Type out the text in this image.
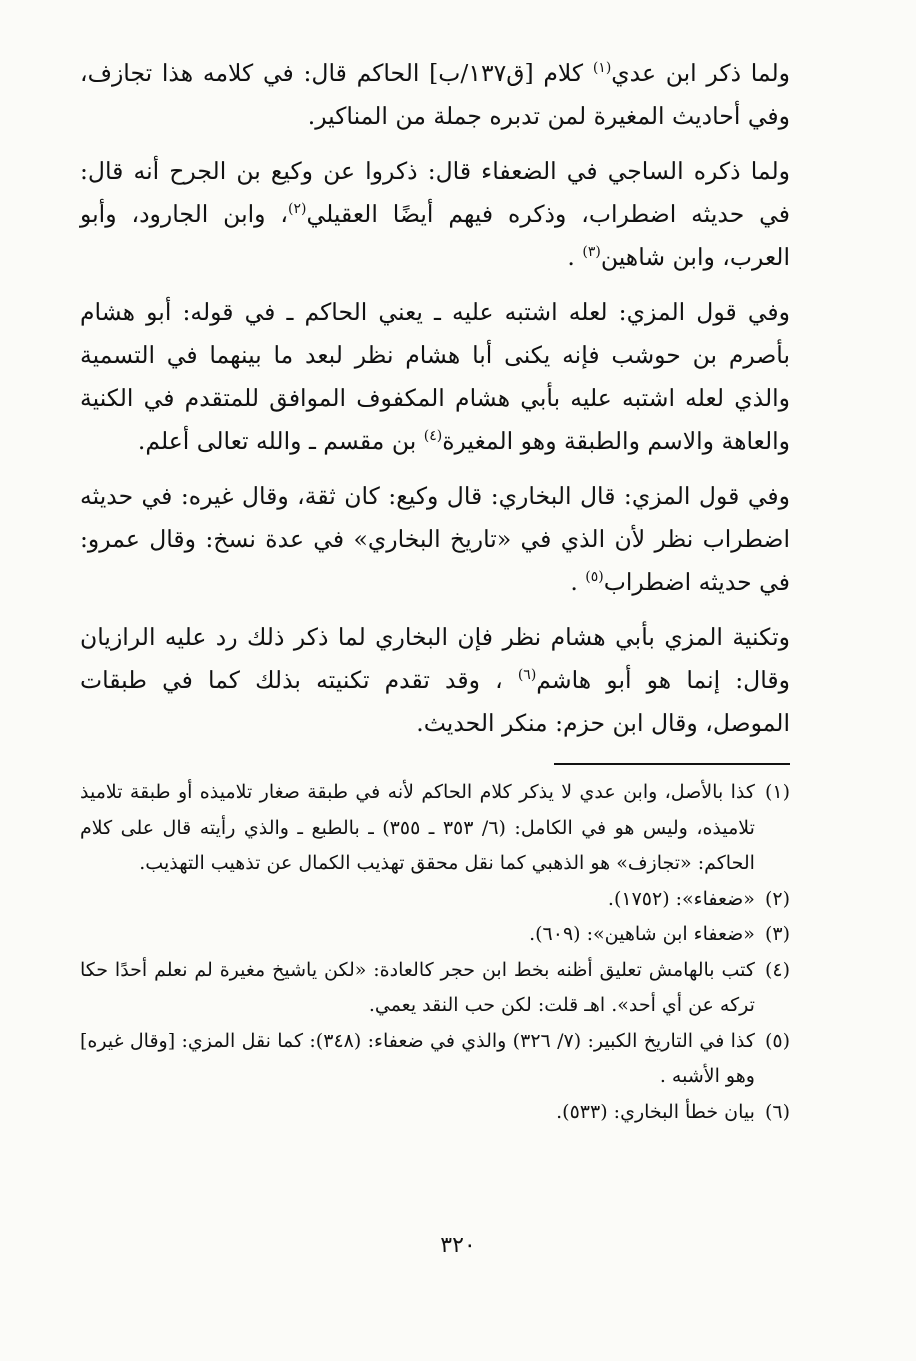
ولما ذكر ابن عدي$^{(١)}$ كلام [ق١٣٧/ب] الحاكم قال: في كلامه هذا تجازف، وفي أحاديث المغيرة لمن تدبره جملة من المناكير.

ولما ذكره الساجي في الضعفاء قال: ذكروا عن وكيع بن الجرح أنه قال: في حديثه اضطراب، وذكره فيهم أيضًا العقيلي$^{(٢)}$، وابن الجارود، وأبو العرب، وابن شاهين$^{(٣)}$ .

وفي قول المزي: لعله اشتبه عليه ـ يعني الحاكم ـ في قوله: أبو هشام بأصرم بن حوشب فإنه يكنى أبا هشام نظر لبعد ما بينهما في التسمية والذي لعله اشتبه عليه بأبي هشام المكفوف الموافق للمتقدم في الكنية والعاهة والاسم والطبقة وهو المغيرة$^{(٤)}$ بن مقسم ـ والله تعالى أعلم.

وفي قول المزي: قال البخاري: قال وكيع: كان ثقة، وقال غيره: في حديثه اضطراب نظر لأن الذي في «تاريخ البخاري» في عدة نسخ: وقال عمرو: في حديثه اضطراب$^{(٥)}$ .

وتكنية المزي بأبي هشام نظر فإن البخاري لما ذكر ذلك رد عليه الرازيان وقال: إنما هو أبو هاشم$^{(٦)}$ ، وقد تقدم تكنيته بذلك كما في طبقات الموصل، وقال ابن حزم: منكر الحديث.

(١)
كذا بالأصل، وابن عدي لا يذكر كلام الحاكم لأنه في طبقة صغار تلاميذه أو طبقة تلاميذ تلاميذه، وليس هو في الكامل: (٦/ ٣٥٣ ـ ٣٥٥) ـ بالطبع ـ والذي رأيته قال على كلام الحاكم: «تجازف» هو الذهبي كما نقل محقق تهذيب الكمال عن تذهيب التهذيب.
(٢)
«ضعفاء»: (١٧٥٢).
(٣)
«ضعفاء ابن شاهين»: (٦٠٩).
(٤)
كتب بالهامش تعليق أظنه بخط ابن حجر كالعادة: «لكن ياشيخ مغيرة لم نعلم أحدًا حكا تركه عن أي أحد». اهـ قلت: لكن حب النقد يعمي.
(٥)
كذا في التاريخ الكبير: (٧/ ٣٢٦) والذي في ضعفاء: (٣٤٨): كما نقل المزي: [وقال غيره] وهو الأشبه .
(٦)
بيان خطأ البخاري: (٥٣٣).
٣٢٠
